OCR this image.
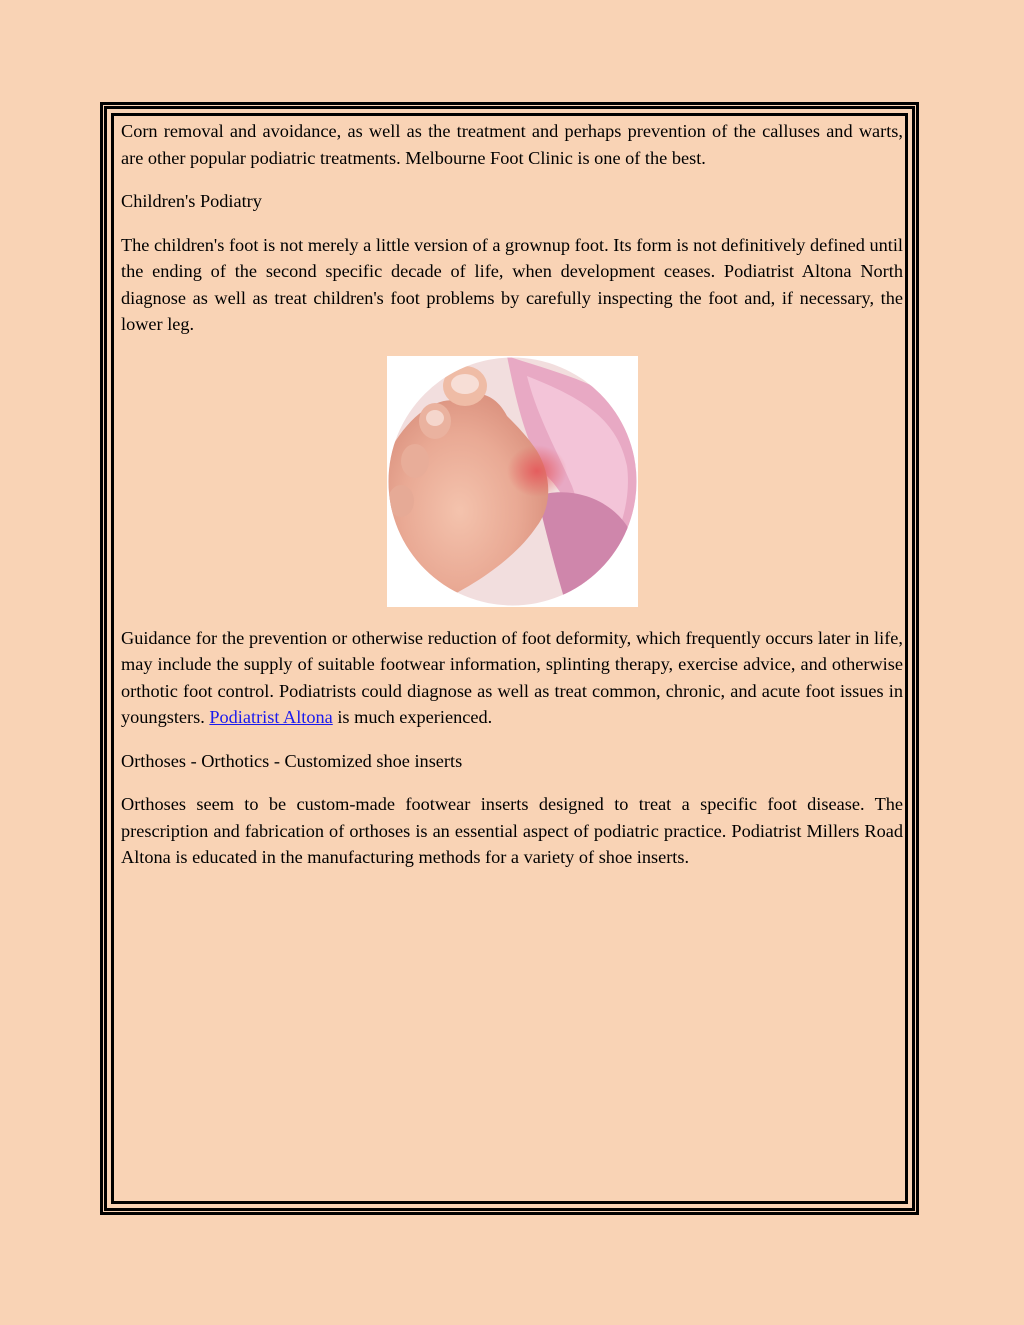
Corn removal and avoidance, as well as the treatment and perhaps prevention of the calluses and warts, are other popular podiatric treatments. Melbourne Foot Clinic is one of the best.

Children's Podiatry

The children's foot is not merely a little version of a grownup foot. Its form is not definitively defined until the ending of the second specific decade of life, when development ceases. Podiatrist Altona North diagnose as well as treat children's foot problems by carefully inspecting the foot and, if necessary, the lower leg.

Guidance for the prevention or otherwise reduction of foot deformity, which frequently occurs later in life, may include the supply of suitable footwear information, splinting therapy, exercise advice, and otherwise orthotic foot control. Podiatrists could diagnose as well as treat common, chronic, and acute foot issues in youngsters. Podiatrist Altona is much experienced.

Orthoses - Orthotics - Customized shoe inserts

Orthoses seem to be custom-made footwear inserts designed to treat a specific foot disease. The prescription and fabrication of orthoses is an essential aspect of podiatric practice. Podiatrist Millers Road Altona is educated in the manufacturing methods for a variety of shoe inserts.
